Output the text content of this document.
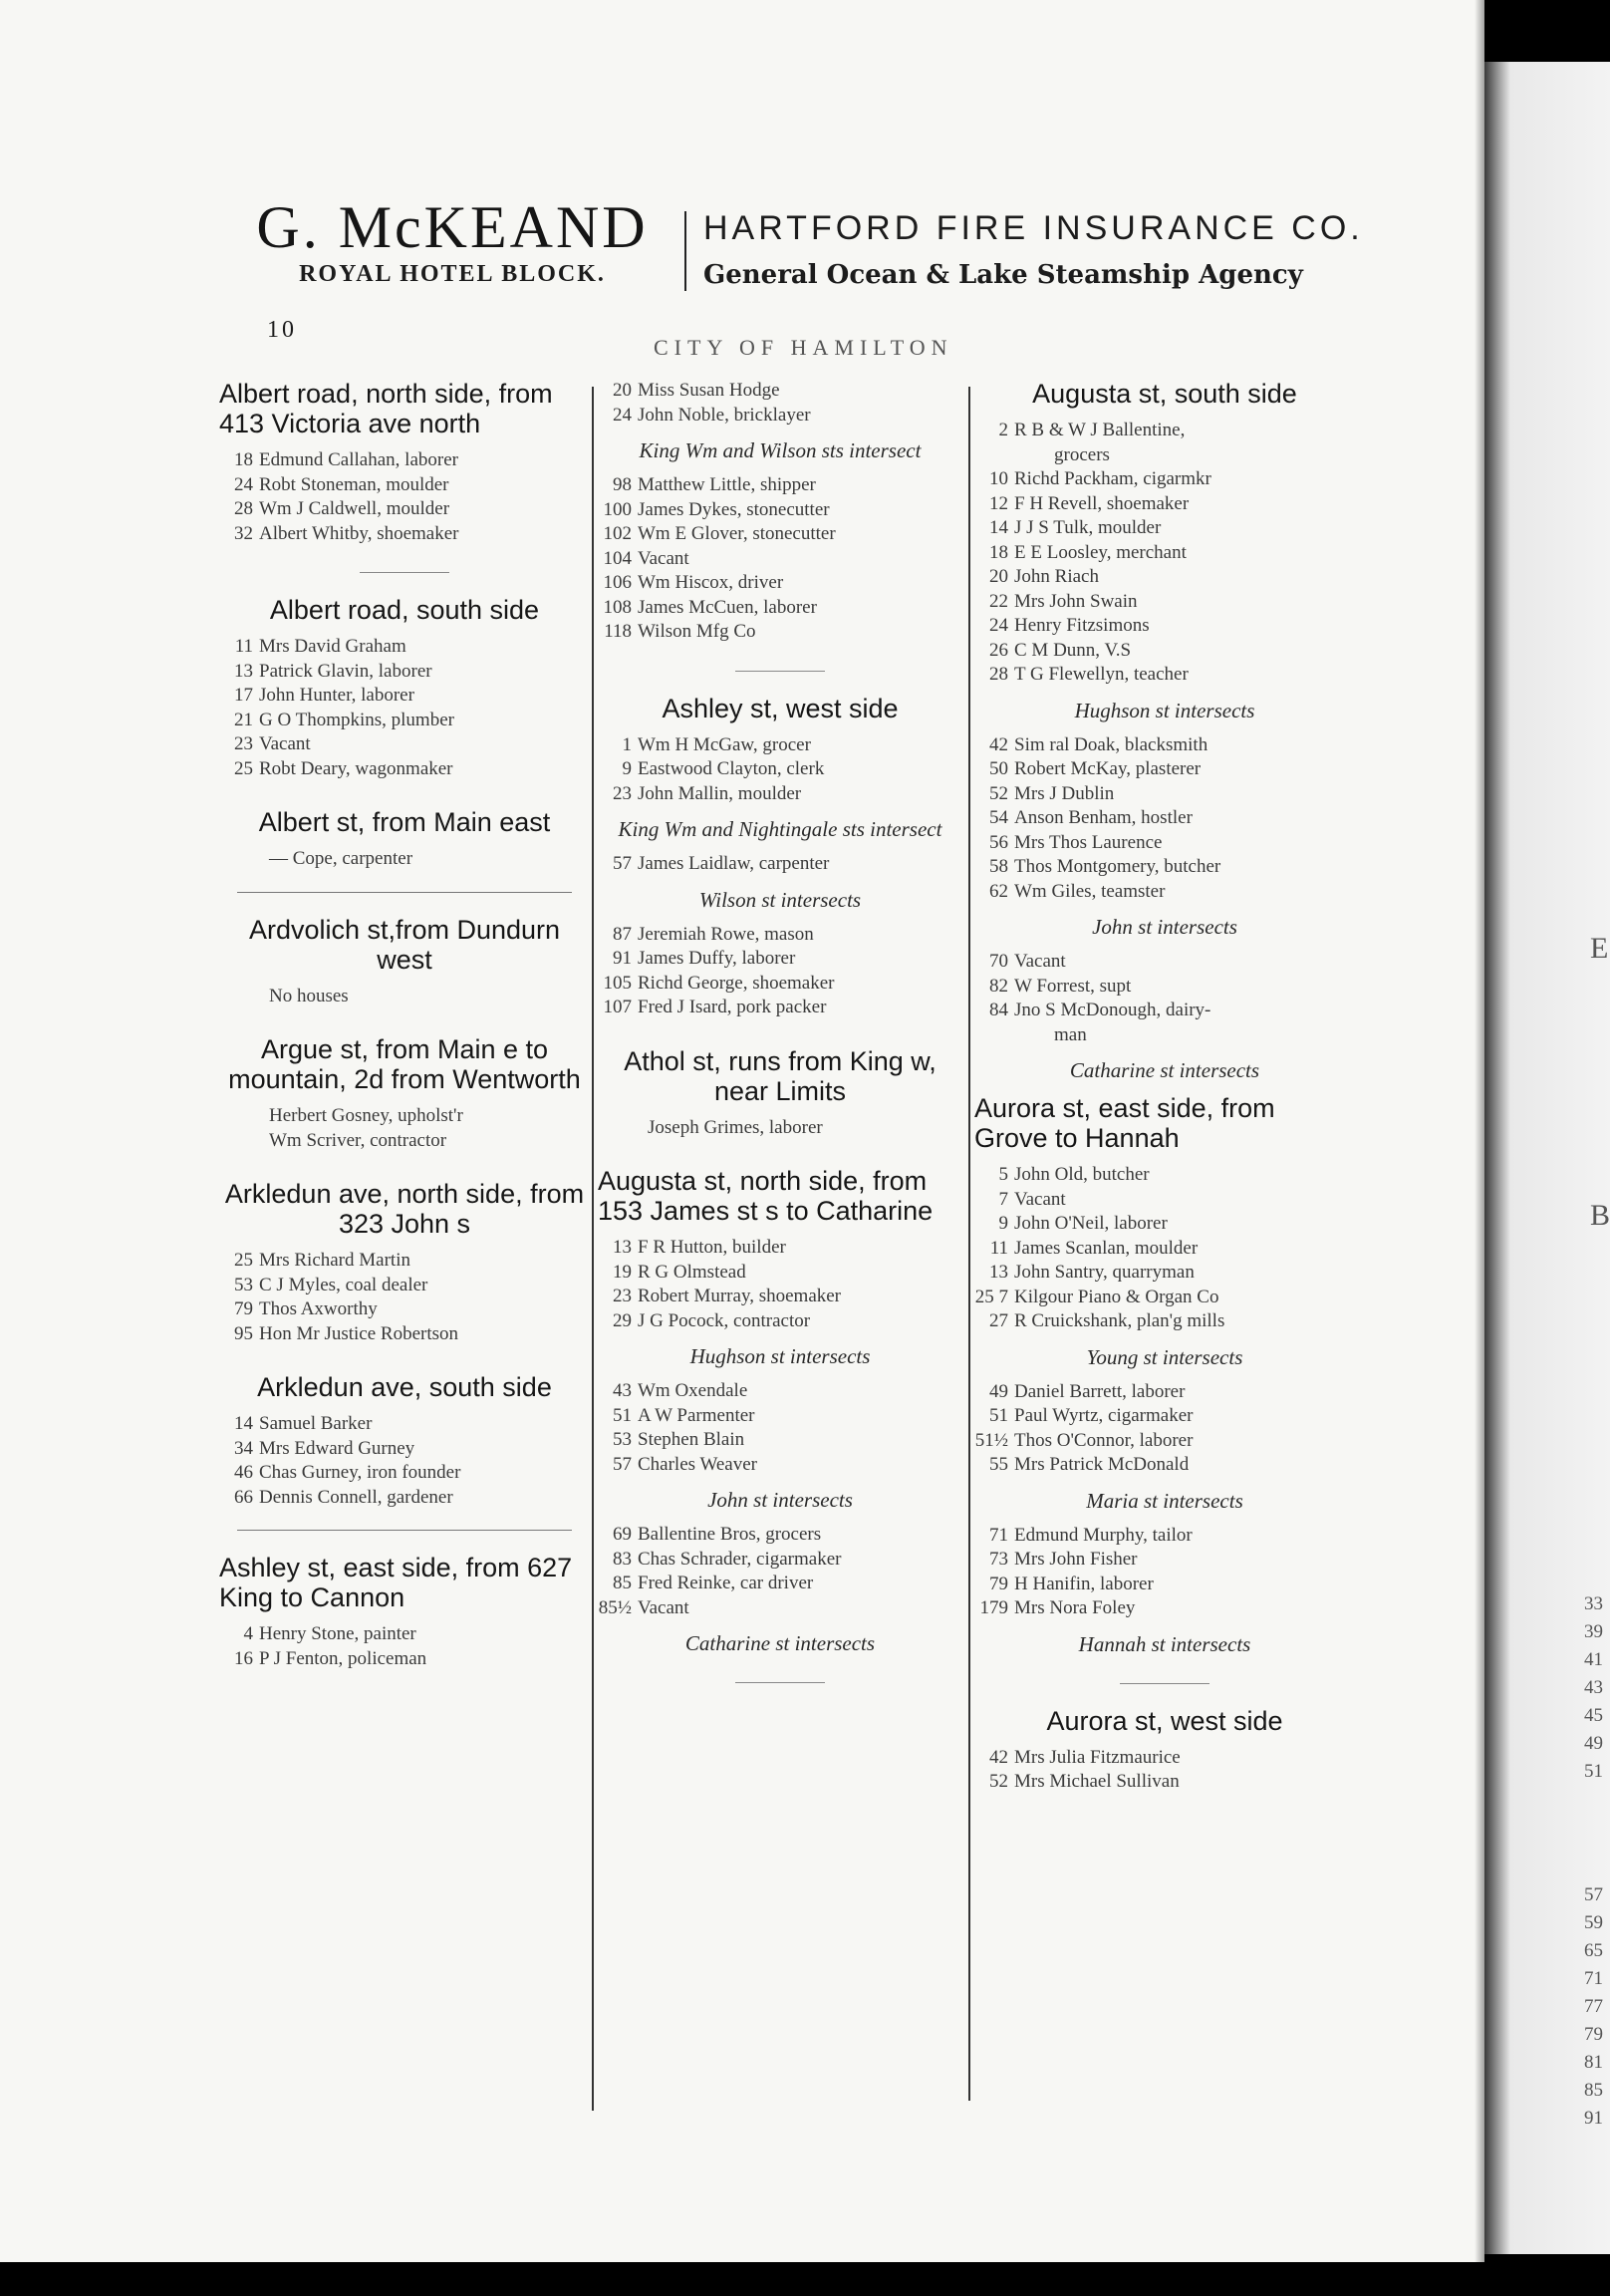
G. McKEAND
ROYAL HOTEL BLOCK.
HARTFORD FIRE INSURANCE CO.
General Ocean & Lake Steamship Agency
10
CITY OF HAMILTON
Albert road, north side, from 413 Victoria ave north
18 Edmund Callahan, laborer
24 Robt Stoneman, moulder
28 Wm J Caldwell, moulder
32 Albert Whitby, shoemaker
Albert road, south side
11 Mrs David Graham
13 Patrick Glavin, laborer
17 John Hunter, laborer
21 G O Thompkins, plumber
23 Vacant
25 Robt Deary, wagonmaker
Albert st, from Main east
— Cope, carpenter
Ardvolich st,from Dundurn west
No houses
Argue st, from Main e to mountain, 2d from Wentworth
Herbert Gosney, upholst'r
Wm Scriver, contractor
Arkledun ave, north side, from 323 John s
25 Mrs Richard Martin
53 C J Myles, coal dealer
79 Thos Axworthy
95 Hon Mr Justice Robertson
Arkledun ave, south side
14 Samuel Barker
34 Mrs Edward Gurney
46 Chas Gurney, iron founder
66 Dennis Connell, gardener
Ashley st, east side, from 627 King to Cannon
4 Henry Stone, painter
16 P J Fenton, policeman
20 Miss Susan Hodge
24 John Noble, bricklayer
King Wm and Wilson sts intersect
98 Matthew Little, shipper
100 James Dykes, stonecutter
102 Wm E Glover, stonecutter
104 Vacant
106 Wm Hiscox, driver
108 James McCuen, laborer
118 Wilson Mfg Co
Ashley st, west side
1 Wm H McGaw, grocer
9 Eastwood Clayton, clerk
23 John Mallin, moulder
King Wm and Nightingale sts intersect
57 James Laidlaw, carpenter
Wilson st intersects
87 Jeremiah Rowe, mason
91 James Duffy, laborer
105 Richd George, shoemaker
107 Fred J Isard, pork packer
Athol st, runs from King w, near Limits
Joseph Grimes, laborer
Augusta st, north side, from 153 James st s to Catharine
13 F R Hutton, builder
19 R G Olmstead
23 Robert Murray, shoemaker
29 J G Pocock, contractor
Hughson st intersects
43 Wm Oxendale
51 A W Parmenter
53 Stephen Blain
57 Charles Weaver
John st intersects
69 Ballentine Bros, grocers
83 Chas Schrader, cigarmaker
85 Fred Reinke, car driver
85½ Vacant
Catharine st intersects
Augusta st, south side
2 R B & W J Ballentine,
grocers
10 Richd Packham, cigarmkr
12 F H Revell, shoemaker
14 J J S Tulk, moulder
18 E E Loosley, merchant
20 John Riach
22 Mrs John Swain
24 Henry Fitzsimons
26 C M Dunn, V.S
28 T G Flewellyn, teacher
Hughson st intersects
42 Sim ral Doak, blacksmith
50 Robert McKay, plasterer
52 Mrs J Dublin
54 Anson Benham, hostler
56 Mrs Thos Laurence
58 Thos Montgomery, butcher
62 Wm Giles, teamster
John st intersects
70 Vacant
82 W Forrest, supt
84 Jno S McDonough, dairy-
man
Catharine st intersects
Aurora st, east side, from Grove to Hannah
5 John Old, butcher
7 Vacant
9 John O'Neil, laborer
11 James Scanlan, moulder
13 John Santry, quarryman
25 7 Kilgour Piano & Organ Co
27 R Cruickshank, plan'g mills
Young st intersects
49 Daniel Barrett, laborer
51 Paul Wyrtz, cigarmaker
51½ Thos O'Connor, laborer
55 Mrs Patrick McDonald
Maria st intersects
71 Edmund Murphy, tailor
73 Mrs John Fisher
79 H Hanifin, laborer
179 Mrs Nora Foley
Hannah st intersects
Aurora st, west side
42 Mrs Julia Fitzmaurice
52 Mrs Michael Sullivan
E
B
33
39
41
43
45
49
51
57
59
65
71
77
79
81
85
91
